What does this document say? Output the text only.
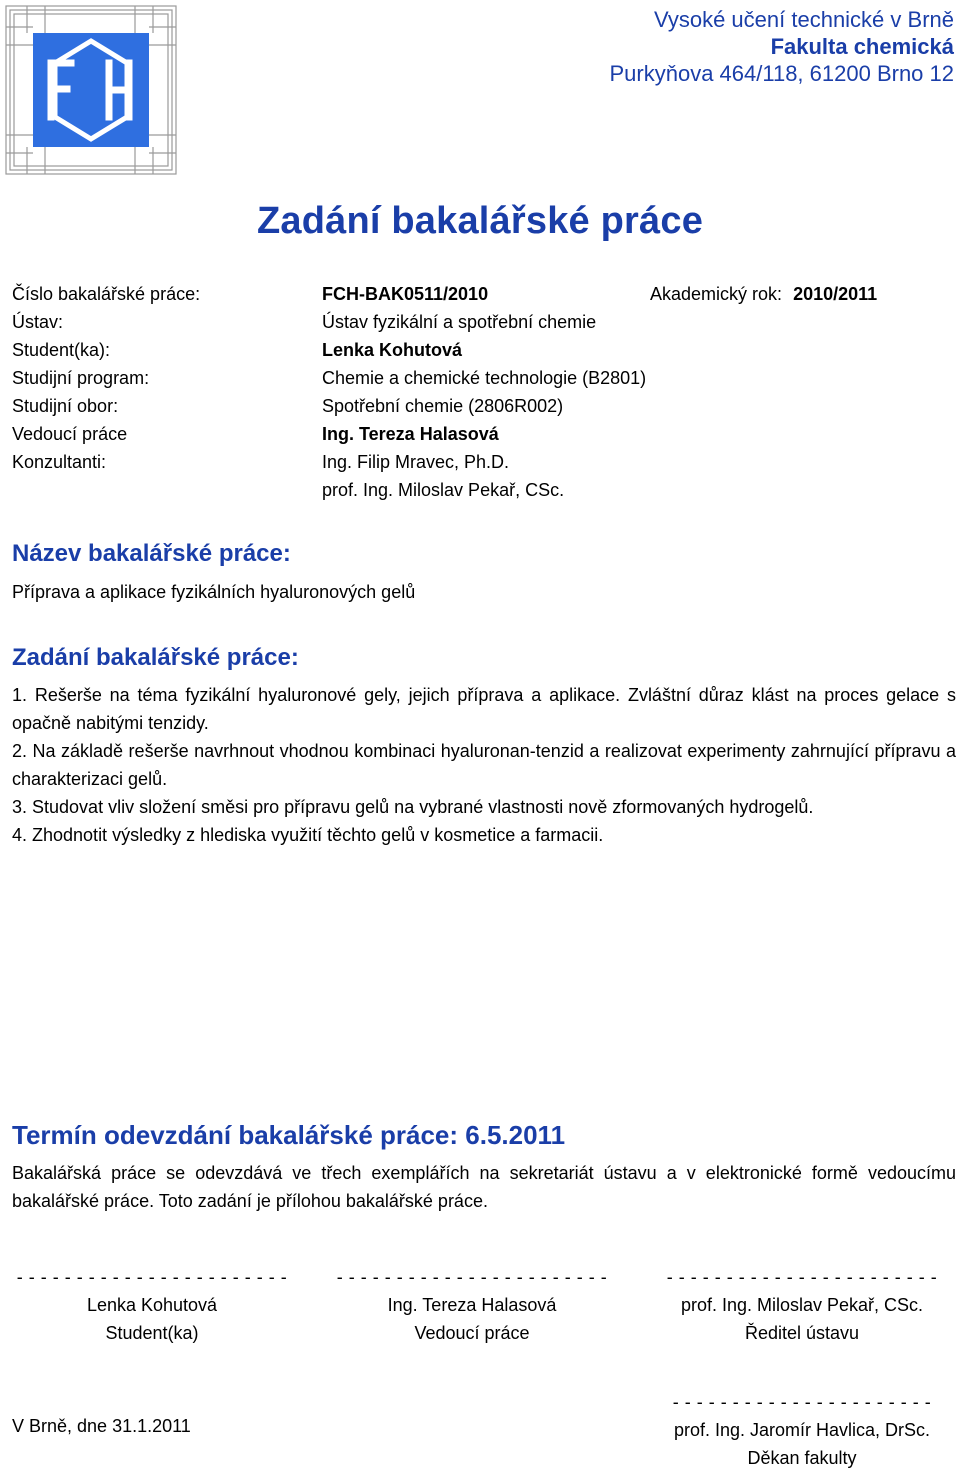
Vysoké učení technické v Brně
Fakulta chemická
Purkyňova 464/118, 61200 Brno 12
Zadání bakalářské práce
Číslo bakalářské práce:	FCH-BAK0511/2010	Akademický rok: 2010/2011
Ústav:	Ústav fyzikální a spotřební chemie
Student(ka):	Lenka Kohutová
Studijní program:	Chemie a chemické technologie (B2801)
Studijní obor:	Spotřební chemie (2806R002)
Vedoucí práce	Ing. Tereza Halasová
Konzultanti:	Ing. Filip Mravec, Ph.D.
prof. Ing. Miloslav Pekař, CSc.
Název bakalářské práce:
Příprava a aplikace fyzikálních hyaluronových gelů
Zadání bakalářské práce:
1. Rešerše na téma fyzikální hyaluronové gely, jejich příprava a aplikace. Zvláštní důraz klást na proces gelace s opačně nabitými tenzidy.
2. Na základě rešerše navrhnout vhodnou kombinaci hyaluronan-tenzid a realizovat experimenty zahrnující přípravu a charakterizaci gelů.
3. Studovat vliv složení směsi pro přípravu gelů na vybrané vlastnosti nově zformovaných hydrogelů.
4. Zhodnotit výsledky z hlediska využití těchto gelů v kosmetice a farmacii.
Termín odevzdání bakalářské práce: 6.5.2011
Bakalářská práce se odevzdává ve třech exemplářích na sekretariát ústavu a v elektronické formě vedoucímu bakalářské práce. Toto zadání je přílohou bakalářské práce.
- - - - - - - - - - - - - - - - - - - - - - -
Lenka Kohutová
Student(ka)
- - - - - - - - - - - - - - - - - - - - - - -
Ing. Tereza Halasová
Vedoucí práce
- - - - - - - - - - - - - - - - - - - - - - -
prof. Ing. Miloslav Pekař, CSc.
Ředitel ústavu
V Brně, dne 31.1.2011
- - - - - - - - - - - - - - - - - - - - - -
prof. Ing. Jaromír Havlica, DrSc.
Děkan fakulty
